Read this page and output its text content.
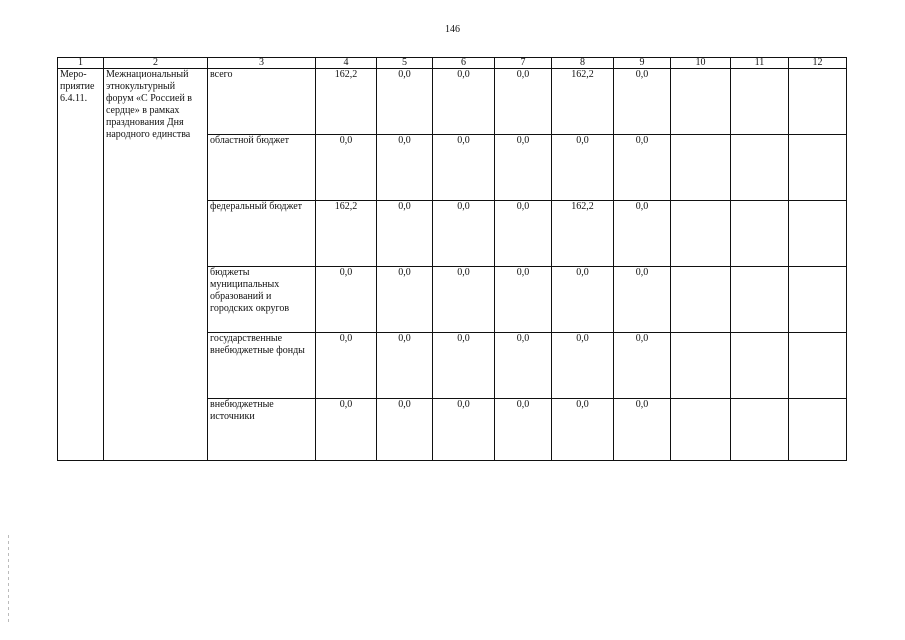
146
1	2	3	4	5	6	7	8	9	10	11	12

Меро-
приятие
6.4.11.	Межнациональный этнокультурный форум «С Россией в сердце» в рамках празднования Дня народного единства	всего	162,2	0,0	0,0	0,0	162,2	0,0			
		областной бюджет	0,0	0,0	0,0	0,0	0,0	0,0			
		федеральный бюджет	162,2	0,0	0,0	0,0	162,2	0,0			
		бюджеты муниципальных образований и городских округов	0,0	0,0	0,0	0,0	0,0	0,0			
		государственные внебюджетные фонды	0,0	0,0	0,0	0,0	0,0	0,0			
		внебюджетные источники	0,0	0,0	0,0	0,0	0,0	0,0			
